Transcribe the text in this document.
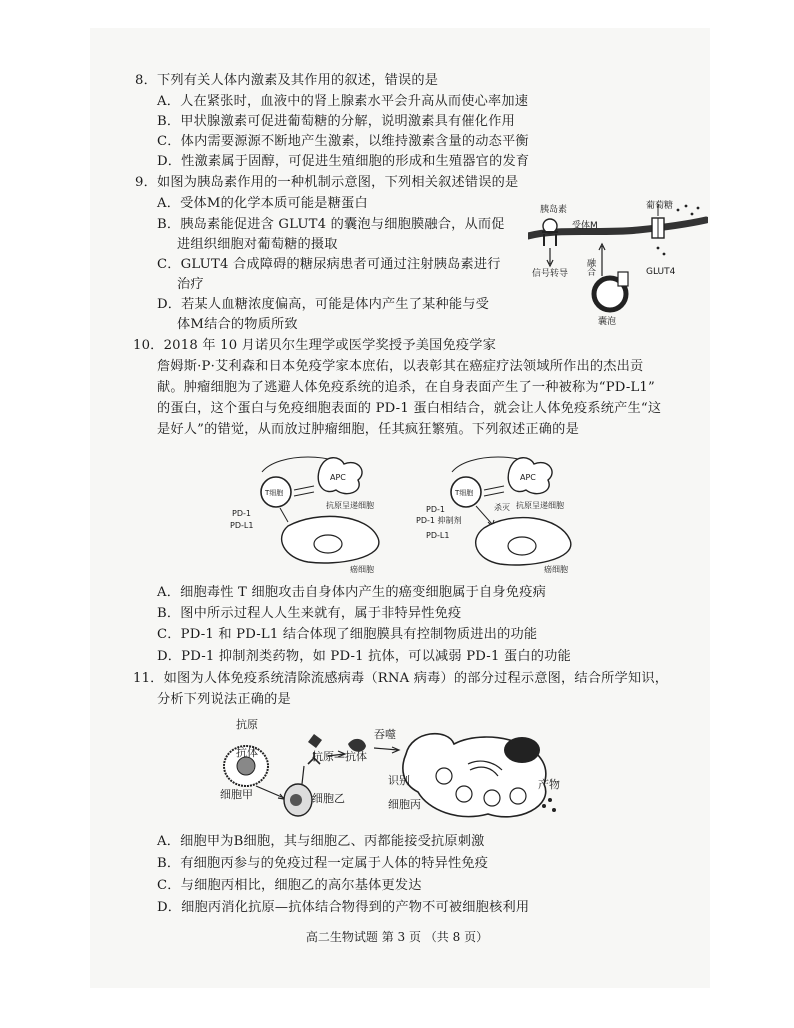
8．下列有关人体内激素及其作用的叙述，错误的是
A．人在紧张时，血液中的肾上腺素水平会升高从而使心率加速
B．甲状腺激素可促进葡萄糖的分解，说明激素具有催化作用
C．体内需要源源不断地产生激素，以维持激素含量的动态平衡
D．性激素属于固醇，可促进生殖细胞的形成和生殖器官的发育
9．如图为胰岛素作用的一种机制示意图，下列相关叙述错误的是
A．受体M的化学本质可能是糖蛋白
B．胰岛素能促进含 GLUT4 的囊泡与细胞膜融合，从而促
进组织细胞对葡萄糖的摄取
C．GLUT4 合成障碍的糖尿病患者可通过注射胰岛素进行
治疗
D．若某人血糖浓度偏高，可能是体内产生了某种能与受
体M结合的物质所致
胰岛素
受体M
葡萄糖
信号转导 融合	GLUT4
囊泡
10．2018 年 10 月诺贝尔生理学或医学奖授予美国免疫学家
詹姆斯·P·艾利森和日本免疫学家本庶佑，以表彰其在癌症疗法领域所作出的杰出贡
献。肿瘤细胞为了逃避人体免疫系统的追杀，在自身表面产生了一种被称为“PD-L1”
的蛋白，这个蛋白与免疫细胞表面的 PD-1 蛋白相结合，就会让人体免疫系统产生“这
是好人”的错觉，从而放过肿瘤细胞，任其疯狂繁殖。下列叙述正确的是
T细胞
APC
抗原呈递细胞
PD-1
PD-L1
癌细胞
T细胞
APC
抗原呈递细胞
杀灭
PD-1
PD-1 抑制剂
PD-L1
癌细胞
A．细胞毒性 T 细胞攻击自身体内产生的癌变细胞属于自身免疫病
B．图中所示过程人人生来就有，属于非特异性免疫
C．PD-1 和 PD-L1 结合体现了细胞膜具有控制物质进出的功能
D．PD-1 抑制剂类药物，如 PD-1 抗体，可以减弱 PD-1 蛋白的功能
11．如图为人体免疫系统清除流感病毒（RNA 病毒）的部分过程示意图，结合所学知识，
分析下列说法正确的是
抗原
抗体	抗原—抗体
吞噬
识别
细胞甲	细胞乙	细胞丙
产物
A．细胞甲为B细胞，其与细胞乙、丙都能接受抗原刺激
B．有细胞丙参与的免疫过程一定属于人体的特异性免疫
C．与细胞丙相比，细胞乙的高尔基体更发达
D．细胞丙消化抗原—抗体结合物得到的产物不可被细胞核利用
高二生物试题 第 3 页 （共 8 页）
